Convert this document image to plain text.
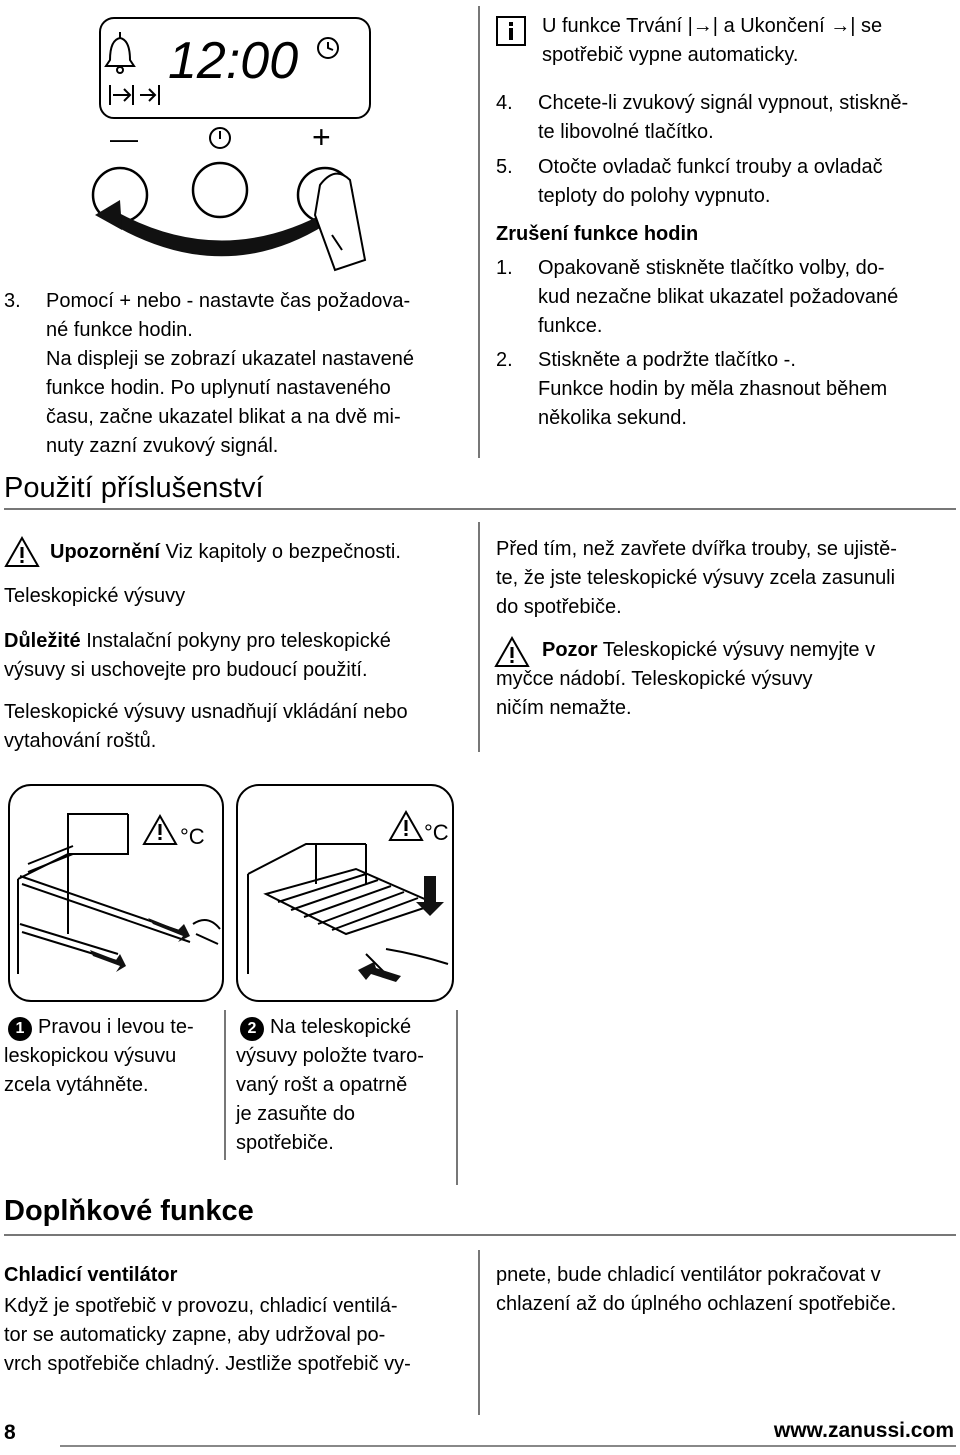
12:00
—	+
3. Pomocí + nebo - nastavte čas požadova-
né funkce hodin.
Na displeji se zobrazí ukazatel nastavené
funkce hodin. Po uplynutí nastaveného
času, začne ukazatel blikat a na dvě mi-
nuty zazní zvukový signál.
U funkce Trvání |→| a Ukončení →| se
spotřebič vypne automaticky.
4. Chcete-li zvukový signál vypnout, stiskně-
te libovolné tlačítko.
5. Otočte ovladač funkcí trouby a ovladač
teploty do polohy vypnuto.
Zrušení funkce hodin
1. Opakovaně stiskněte tlačítko volby, do-
kud nezačne blikat ukazatel požadované
funkce.
2. Stiskněte a podržte tlačítko -.
Funkce hodin by měla zhasnout během
několika sekund.
Použití příslušenství
Upozornění Viz kapitoly o bezpečnosti.
Teleskopické výsuvy
Důležité Instalační pokyny pro teleskopické
výsuvy si uschovejte pro budoucí použití.
Teleskopické výsuvy usnadňují vkládání nebo
vytahování roštů.
Před tím, než zavřete dvířka trouby, se ujistě-
te, že jste teleskopické výsuvy zcela zasunuli
do spotřebiče.
Pozor Teleskopické výsuvy nemyjte v
myčce nádobí. Teleskopické výsuvy
ničím nemažte.
°C	°C
1 Pravou i levou te-
leskopickou výsuvu
zcela vytáhněte.
2 Na teleskopické
výsuvy položte tvaro-
vaný rošt a opatrně
je zasuňte do
spotřebiče.
Doplňkové funkce
Chladicí ventilátor
Když je spotřebič v provozu, chladicí ventilá-
tor se automaticky zapne, aby udržoval po-
vrch spotřebiče chladný. Jestliže spotřebič vy-
pnete, bude chladicí ventilátor pokračovat v
chlazení až do úplného ochlazení spotřebiče.
8	www.zanussi.com
